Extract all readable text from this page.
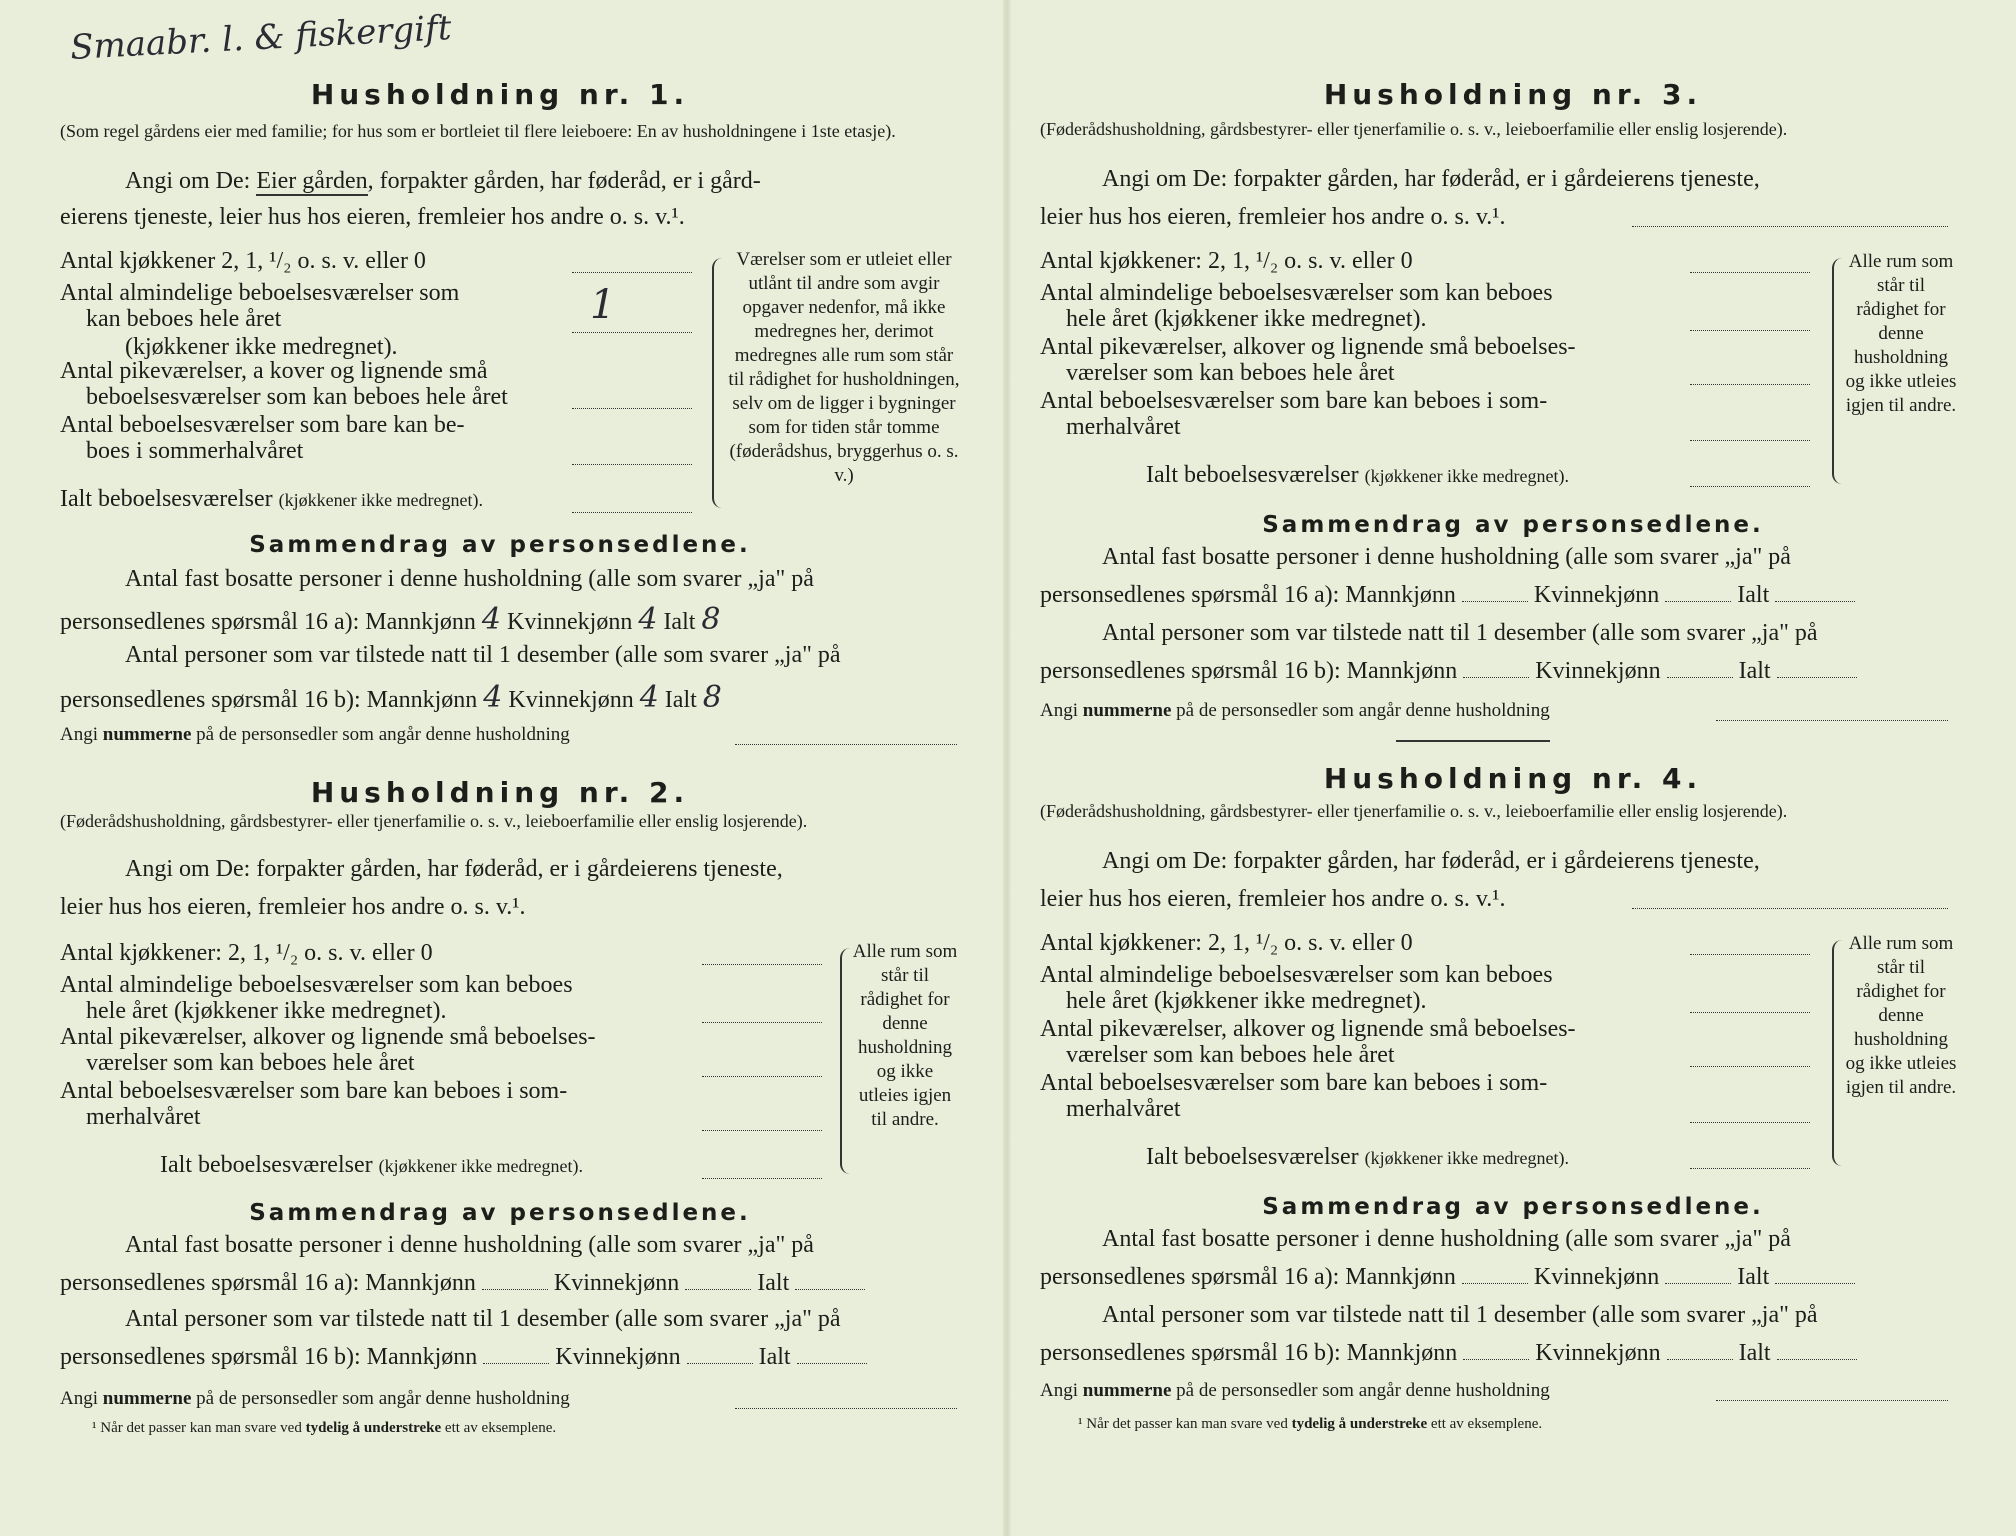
Smaabr. l. & fiskergift
Husholdning nr. 1.
(Som regel gårdens eier med familie; for hus som er bortleiet til flere leieboere: En av husholdningene i 1ste etasje).
Angi om De: Eier gården, forpakter gården, har føderåd, er i gård-
eierens tjeneste, leier hus hos eieren, fremleier hos andre o. s. v.¹.
Antal kjøkkener 2, 1, ¹/₂ o. s. v. eller 0
Antal almindelige beboelsesværelser som
kan beboes hele året	1
(kjøkkener ikke medregnet).
Antal pikeværelser, a kover og lignende små
beboelsesværelser som kan beboes hele året
Antal beboelsesværelser som bare kan be-
boes i sommerhalvåret
Ialt beboelsesværelser (kjøkkener ikke medregnet).
Værelser som er utleiet eller utlånt til andre som avgir opgaver nedenfor, må ikke medregnes her, derimot medregnes alle rum som står til rådighet for husholdningen, selv om de ligger i bygninger som for tiden står tomme (føderådshus, bryggerhus o. s. v.)
Sammendrag av personsedlene.
Antal fast bosatte personer i denne husholdning (alle som svarer „ja" på
personsedlenes spørsmål 16 a): Mannkjønn 4 Kvinnekjønn 4 Ialt 8
Antal personer som var tilstede natt til 1 desember (alle som svarer „ja" på
personsedlenes spørsmål 16 b): Mannkjønn 4 Kvinnekjønn 4 Ialt 8
Angi nummerne på de personsedler som angår denne husholdning
Husholdning nr. 2.
(Føderådshusholdning, gårdsbestyrer- eller tjenerfamilie o. s. v., leieboerfamilie eller enslig losjerende).
Angi om De: forpakter gården, har føderåd, er i gårdeierens tjeneste,
leier hus hos eieren, fremleier hos andre o. s. v.¹.
Antal kjøkkener: 2, 1, ¹/₂ o. s. v. eller 0
Antal almindelige beboelsesværelser som kan beboes
hele året (kjøkkener ikke medregnet).
Antal pikeværelser, alkover og lignende små beboelses-
værelser som kan beboes hele året
Antal beboelsesværelser som bare kan beboes i som-
merhalvåret
Ialt beboelsesværelser (kjøkkener ikke medregnet).
Alle rum som står til rådighet for denne husholdning og ikke utleies igjen til andre.
Sammendrag av personsedlene.
Antal fast bosatte personer i denne husholdning (alle som svarer „ja" på
personsedlenes spørsmål 16 a): Mannkjønn	Kvinnekjønn	Ialt
Antal personer som var tilstede natt til 1 desember (alle som svarer „ja" på
personsedlenes spørsmål 16 b): Mannkjønn	Kvinnekjønn	Ialt
Angi nummerne på de personsedler som angår denne husholdning
¹ Når det passer kan man svare ved tydelig å understreke ett av eksemplene.
Husholdning nr. 3.
(Føderådshusholdning, gårdsbestyrer- eller tjenerfamilie o. s. v., leieboerfamilie eller enslig losjerende).
Angi om De: forpakter gården, har føderåd, er i gårdeierens tjeneste,
leier hus hos eieren, fremleier hos andre o. s. v.¹.
Antal kjøkkener: 2, 1, ¹/₂ o. s. v. eller 0
Antal almindelige beboelsesværelser som kan beboes
hele året (kjøkkener ikke medregnet).
Antal pikeværelser, alkover og lignende små beboelses-
værelser som kan beboes hele året
Antal beboelsesværelser som bare kan beboes i som-
merhalvåret
Ialt beboelsesværelser (kjøkkener ikke medregnet).
Alle rum som står til rådighet for denne husholdning og ikke utleies igjen til andre.
Sammendrag av personsedlene.
Antal fast bosatte personer i denne husholdning (alle som svarer „ja" på
personsedlenes spørsmål 16 a): Mannkjønn	Kvinnekjønn	Ialt
Antal personer som var tilstede natt til 1 desember (alle som svarer „ja" på
personsedlenes spørsmål 16 b): Mannkjønn	Kvinnekjønn	Ialt
Angi nummerne på de personsedler som angår denne husholdning
Husholdning nr. 4.
(Føderådshusholdning, gårdsbestyrer- eller tjenerfamilie o. s. v., leieboerfamilie eller enslig losjerende).
Angi om De: forpakter gården, har føderåd, er i gårdeierens tjeneste,
leier hus hos eieren, fremleier hos andre o. s. v.¹.
Antal kjøkkener: 2, 1, ¹/₂ o. s. v. eller 0
Antal almindelige beboelsesværelser som kan beboes
hele året (kjøkkener ikke medregnet).
Antal pikeværelser, alkover og lignende små beboelses-
værelser som kan beboes hele året
Antal beboelsesværelser som bare kan beboes i som-
merhalvåret
Ialt beboelsesværelser (kjøkkener ikke medregnet).
Alle rum som står til rådighet for denne husholdning og ikke utleies igjen til andre.
Sammendrag av personsedlene.
Antal fast bosatte personer i denne husholdning (alle som svarer „ja" på
personsedlenes spørsmål 16 a): Mannkjønn	Kvinnekjønn	Ialt
Antal personer som var tilstede natt til 1 desember (alle som svarer „ja" på
personsedlenes spørsmål 16 b): Mannkjønn	Kvinnekjønn	Ialt
Angi nummerne på de personsedler som angår denne husholdning
¹ Når det passer kan man svare ved tydelig å understreke ett av eksemplene.
